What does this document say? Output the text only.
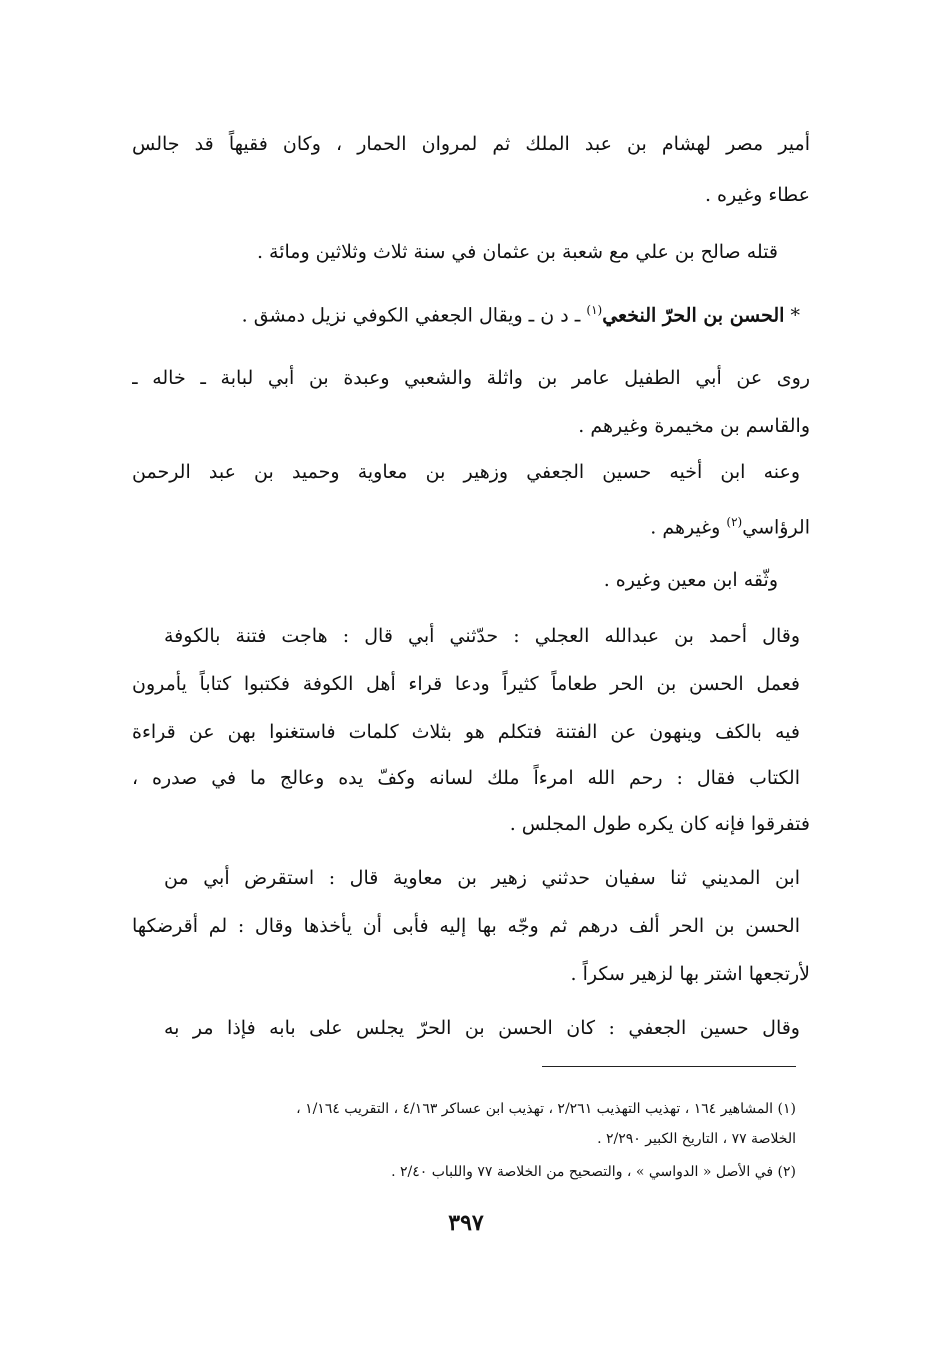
أمير مصر لهشام بن عبد الملك ثم لمروان الحمار ، وكان فقيهاً قد جالس
عطاء وغيره .
قتله صالح بن علي مع شعبة بن عثمان في سنة ثلاث وثلاثين ومائة .
* الحسن بن الحرّ النخعي$^{(١)}$ ـ د ن ـ ويقال الجعفي الكوفي نزيل دمشق .
روى عن أبي الطفيل عامر بن واثلة والشعبي وعبدة بن أبي لبابة ـ خاله ـ
والقاسم بن مخيمرة وغيرهم .
وعنه ابن أخيه حسين الجعفي وزهير بن معاوية وحميد بن عبد الرحمن
الرؤاسي$^{(٢)}$ وغيرهم .
وثّقه ابن معين وغيره .
وقال أحمد بن عبدالله العجلي : حدّثني أبي قال : هاجت فتنة بالكوفة
فعمل الحسن بن الحر طعاماً كثيراً ودعا قراء أهل الكوفة فكتبوا كتاباً يأمرون
فيه بالكف وينهون عن الفتنة فتكلم هو بثلاث كلمات فاستغنوا بهن عن قراءة
الكتاب فقال : رحم الله امرءاً ملك لسانه وكفّ يده وعالج ما في صدره ،
فتفرقوا فإنه كان يكره طول المجلس .
ابن المديني ثنا سفيان حدثني زهير بن معاوية قال : استقرض أبي من
الحسن بن الحر ألف درهم ثم وجّه بها إليه فأبى أن يأخذها وقال : لم أقرضكها
لأرتجعها اشتر بها لزهير سكراً .
وقال حسين الجعفي : كان الحسن بن الحرّ يجلس على بابه فإذا مر به
(١) المشاهير ١٦٤ ، تهذيب التهذيب ٢/٢٦١ ، تهذيب ابن عساكر ٤/١٦٣ ، التقريب ١/١٦٤ ،
الخلاصة ٧٧ ، التاريخ الكبير ٢/٢٩٠ .
(٢) في الأصل « الدواسي » ، والتصحيح من الخلاصة ٧٧ واللباب ٢/٤٠ .
٣٩٧
